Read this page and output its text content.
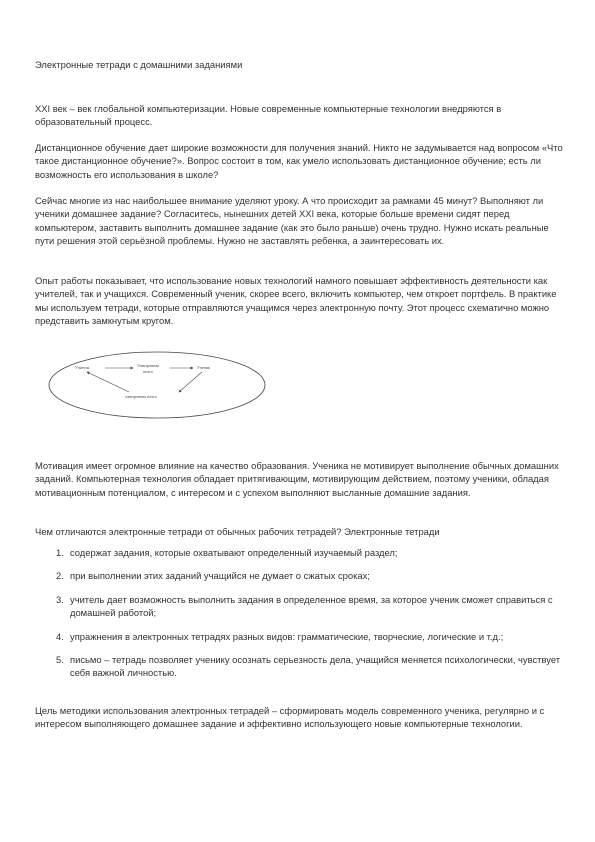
Электронные тетради с домашними заданиями

XXI век – век глобальной компьютеризации. Новые современные компьютерные технологии внедряются в образовательный процесс.

Дистанционное обучение дает широкие возможности для получения знаний. Никто не задумывается над вопросом «Что такое дистанционное обучение?». Вопрос состоит в том, как умело использовать дистанционное обучение; есть ли возможность его использования в школе?

Сейчас многие из нас наибольшее внимание уделяют уроку. А что происходит за рамками 45 минут? Выполняют ли ученики домашнее задание? Согласитесь, нынешних детей XXI века, которые больше времени сидят перед компьютером, заставить выполнить домашнее задание (как это было раньше) очень трудно. Нужно искать реальные пути решения этой серьёзной проблемы. Нужно не заставлять ребенка, а заинтересовать их.

Опыт работы показывает, что использование новых технологий намного повышает эффективность деятельности как учителей, так и учащихся. Современный ученик, скорее всего, включить компьютер, чем откроет портфель. В практике мы используем тетради, которые отправляются учащимся через электронную почту. Этот процесс схематично можно представить замкнутым кругом.

Учитель	Электронная
почта
Ученик
электронная почта

Мотивация имеет огромное влияние на качество образования. Ученика не мотивирует выполнение обычных домашних заданий. Компьютерная технология обладает притягивающим, мотивирующим действием, поэтому ученики, обладая мотивационным потенциалом, с интересом и с успехом выполняют высланные домашние задания.

Чем отличаются электронные тетради от обычных рабочих тетрадей? Электронные тетради

1. содержат задания, которые охватывают определенный изучаемый раздел;
2. при выполнении этих заданий учащийся не думает о сжатых сроках;
3. учитель дает возможность выполнить задания в определенное время, за которое ученик сможет справиться с домашней работой;
4. упражнения в электронных тетрадях разных видов: грамматические, творческие, логические и т.д.;
5. письмо – тетрадь позволяет ученику осознать серьезность дела, учащийся меняется психологически, чувствует себя важной личностью.

Цель методики использования электронных тетрадей – сформировать модель современного ученика, регулярно и с интересом выполняющего домашнее задание и эффективно использующего новые компьютерные технологии.
